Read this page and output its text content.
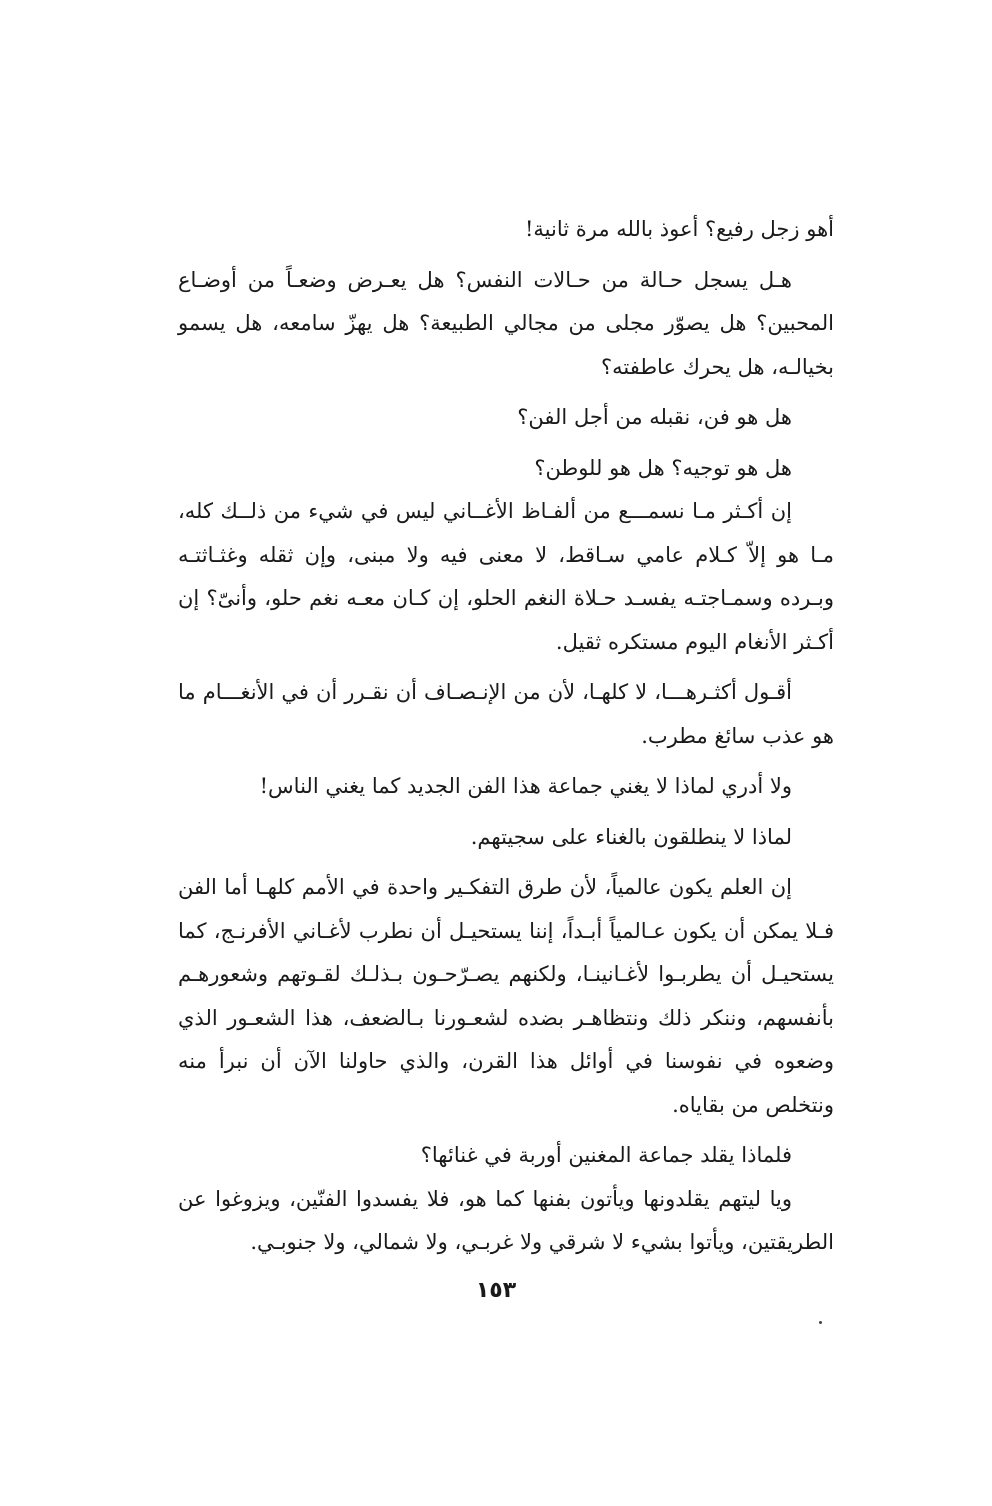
أهو زجل رفيع؟ أعوذ بالله مرة ثانية!

هـل يسجل حـالة من حـالات النفس؟ هل يعـرض وضعـاً من أوضـاع المحبين؟ هل يصوّر مجلى من مجالي الطبيعة؟ هل يهزّ سامعه، هل يسمو بخيالـه، هل يحرك عاطفته؟

هل هو فن، نقبله من أجل الفن؟

هل هو توجيه؟ هل هو للوطن؟

إن أكـثر مـا نسمـــع من ألفـاظ الأغــاني ليس في شيء من ذلــك كله، مـا هو إلاّ كـلام عامي سـاقط، لا معنى فيه ولا مبنى، وإن ثقله وغثـاثتـه وبـرده وسمـاجتـه يفسـد حـلاة النغم الحلو، إن كـان معـه نغم حلو، وأنىّ؟ إن أكـثر الأنغام اليوم مستكره ثقيل.

أقـول أكثـرهـــا، لا كلهـا، لأن من الإنـصـاف أن نقـرر أن في الأنغـــام ما هو عذب سائغ مطرب.

ولا أدري لماذا لا يغني جماعة هذا الفن الجديد كما يغني الناس!

لماذا لا ينطلقون بالغناء على سجيتهم.

إن العلم يكون عالمياً، لأن طرق التفكـير واحدة في الأمم كلهـا أما الفن فـلا يمكن أن يكون عـالمياً أبـداً، إننا يستحيـل أن نطرب لأغـاني الأفرنـج، كما يستحيـل أن يطربـوا لأغـانينـا، ولكنهم يصـرّحـون بـذلـك لقـوتهم وشعورهـم بأنفسهم، وننكر ذلك ونتظاهـر بضده لشعـورنا بـالضعف، هذا الشعـور الذي وضعوه في نفوسنا في أوائل هذا القرن، والذي حاولنا الآن أن نبرأ منه ونتخلص من بقاياه.

فلماذا يقلد جماعة المغنين أوربة في غنائها؟

ويا ليتهم يقلدونها ويأتون بفنها كما هو، فلا يفسدوا الفنّين، ويزوغوا عن الطريقتين، ويأتوا بشيء لا شرقي ولا غربـي، ولا شمالي، ولا جنوبـي.

١٥٣
